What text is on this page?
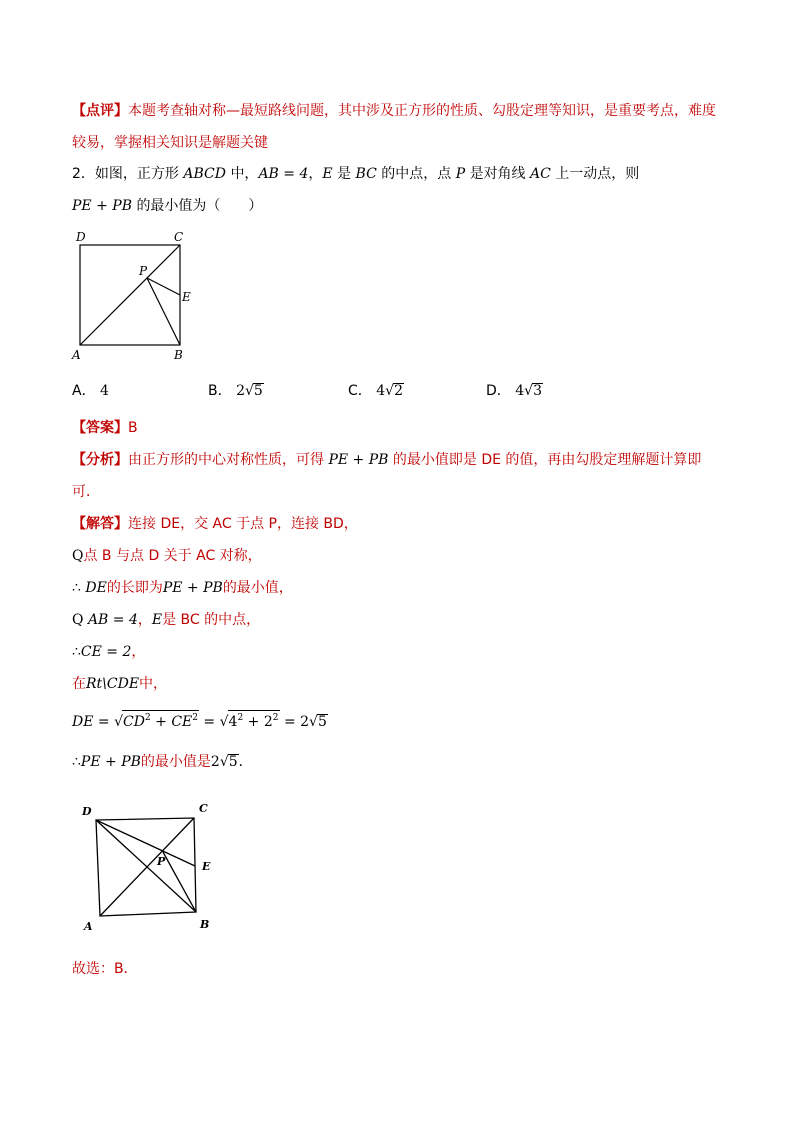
【点评】本题考查轴对称—最短路线问题，其中涉及正方形的性质、勾股定理等知识，是重要考点，难度
较易，掌握相关知识是解题关键
2．如图，正方形 ABCD 中，AB = 4，E 是 BC 的中点，点 P 是对角线 AC 上一动点，则
PE + PB 的最小值为（　　）
D	C
P
E
A	B
A． 4	B． 2√5	C． 4√2	D． 4√3
【答案】B
【分析】由正方形的中心对称性质，可得 PE + PB 的最小值即是 DE 的值，再由勾股定理解题计算即
可．
【解答】连接 DE，交 AC 于点 P，连接 BD，
Q点 B 与点 D 关于 AC 对称，
∴ DE的长即为PE + PB的最小值，
Q AB = 4，E是 BC 的中点，
∴CE = 2，
在Rt\CDE中，
DE = $√CD^2 + CE^2 = √4^2 + 2^2 = 2√5$
∴PE + PB的最小值是2√5．
D	C
P	E
A	B
故选：B．
